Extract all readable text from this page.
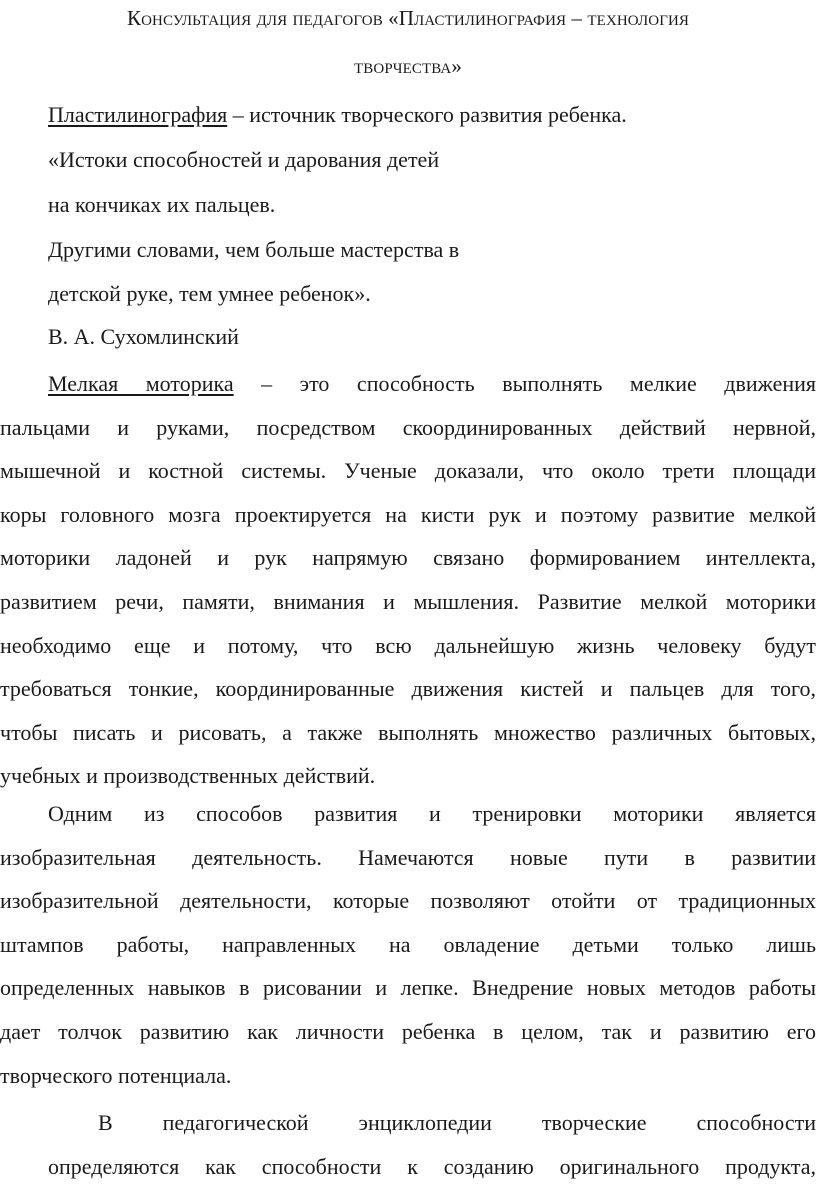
Консультация для педагогов «Пластилинография – технология
творчества»
Пластилинография – источник творческого развития ребенка.
«Истоки способностей и дарования детей
на кончиках их пальцев.
Другими словами, чем больше мастерства в
детской руке, тем умнее ребенок».
В. А. Сухомлинский
Мелкая моторика – это способность выполнять мелкие движения
пальцами и руками, посредством скоординированных действий нервной,
мышечной и костной системы. Ученые доказали, что около трети площади
коры головного мозга проектируется на кисти рук и поэтому развитие мелкой
моторики ладоней и рук напрямую связано формированием интеллекта,
развитием речи, памяти, внимания и мышления. Развитие мелкой моторики
необходимо еще и потому, что всю дальнейшую жизнь человеку будут
требоваться тонкие, координированные движения кистей и пальцев для того,
чтобы писать и рисовать, а также выполнять множество различных бытовых,
учебных и производственных действий.
Одним из способов развития и тренировки моторики является
изобразительная деятельность. Намечаются новые пути в развитии
изобразительной деятельности, которые позволяют отойти от традиционных
штампов работы, направленных на овладение детьми только лишь
определенных навыков в рисовании и лепке. Внедрение новых методов работы
дает толчок развитию как личности ребенка в целом, так и развитию его
творческого потенциала.
В педагогической энциклопедии творческие способности
определяются как способности к созданию оригинального продукта,
